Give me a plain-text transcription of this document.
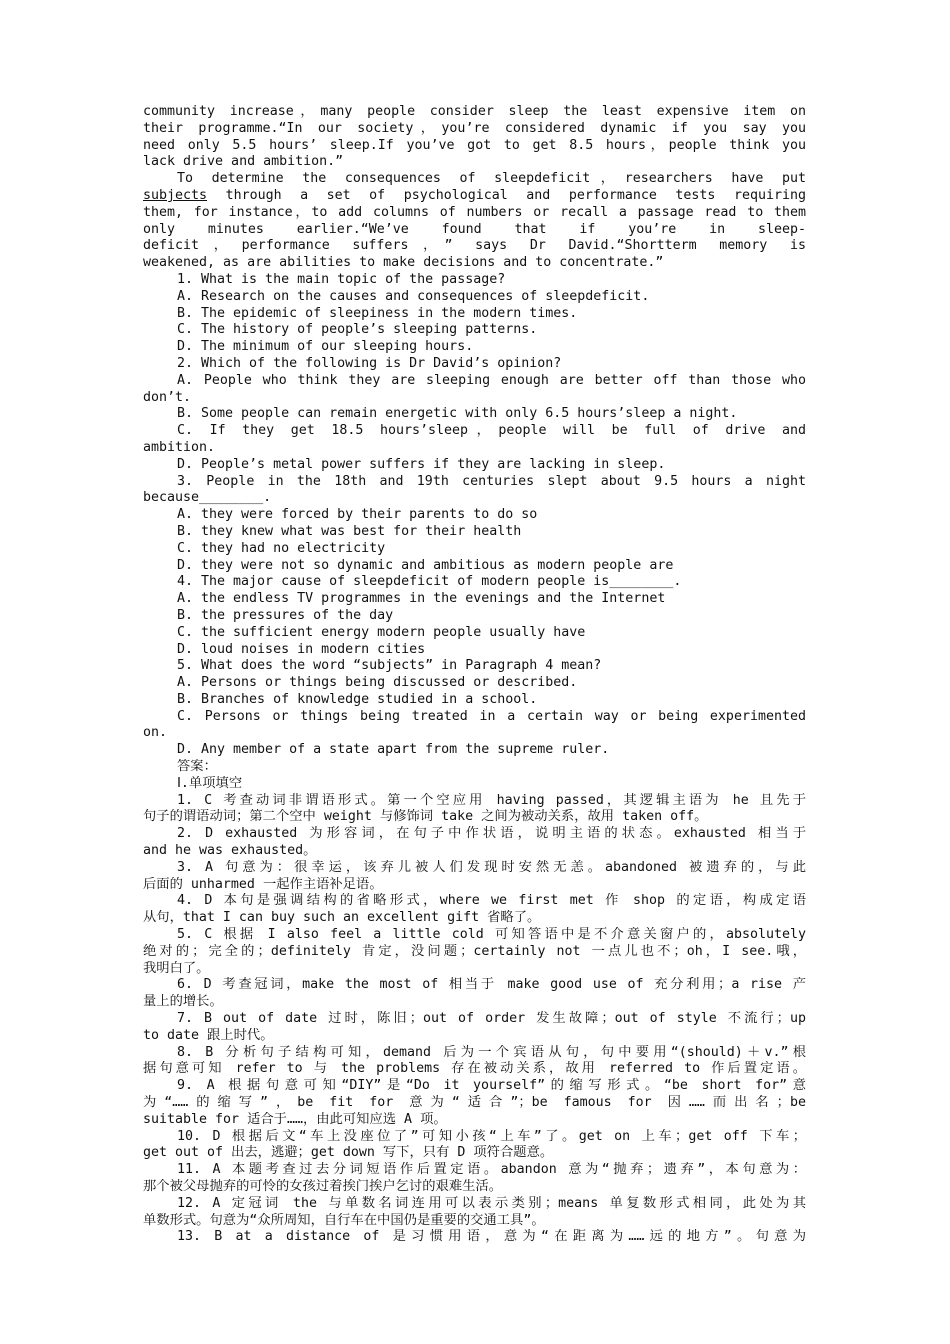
community increase，many people consider sleep the least expensive item on
their programme.“In our society，you’re considered dynamic if you say you
need only 5.5 hours’ sleep.If you’ve got to get 8.5 hours，people think you
lack drive and ambition.”
To determine the consequences of sleepdeficit，researchers have put
subjects through a set of psychological and performance tests requiring
them, for instance，to add columns of numbers or recall a passage read to them
only minutes earlier.“We’ve found that if you’re in sleep-
deficit，performance suffers，” says Dr David.“Shortterm memory is
weakened, as are abilities to make decisions and to concentrate.”
1. What is the main topic of the passage?
A. Research on the causes and consequences of sleepdeficit.
B. The epidemic of sleepiness in the modern times.
C. The history of people’s sleeping patterns.
D. The minimum of our sleeping hours.
2. Which of the following is Dr David’s opinion?
A. People who think they are sleeping enough are better off than those who
don’t.
B. Some people can remain energetic with only 6.5 hours’sleep a night.
C. If they get 18.5 hours’sleep，people will be full of drive and
ambition.
D. People’s metal power suffers if they are lacking in sleep.
3. People in the 18th and 19th centuries slept about 9.5 hours a night
because________.
A. they were forced by their parents to do so
B. they knew what was best for their health
C. they had no electricity
D. they were not so dynamic and ambitious as modern people are
4. The major cause of sleepdeficit of modern people is________.
A. the endless TV programmes in the evenings and the Internet
B. the pressures of the day
C. the sufficient energy modern people usually have
D. loud noises in modern cities
5. What does the word “subjects” in Paragraph 4 mean?
A. Persons or things being discussed or described.
B. Branches of knowledge studied in a school.
C. Persons or things being treated in a certain way or being experimented
on.
D. Any member of a state apart from the supreme ruler.
答案：
Ⅰ.单项填空
1. C 考查动词非谓语形式。第一个空应用 having passed，其逻辑主语为 he 且先于
句子的谓语动词；第二个空中 weight 与修饰词 take 之间为被动关系，故用 taken off。
2. D exhausted 为形容词，在句子中作状语，说明主语的状态。exhausted 相当于
and he was exhausted。
3. A 句意为：很幸运，该弃儿被人们发现时安然无恙。abandoned 被遗弃的，与此
后面的 unharmed 一起作主语补足语。
4. D 本句是强调结构的省略形式，where we first met 作 shop 的定语，构成定语
从句，that I can buy such an excellent gift 省略了。
5. C 根据 I also feel a little cold 可知答语中是不介意关窗户的，absolutely
绝对的；完全的；definitely 肯定，没问题；certainly not 一点儿也不；oh，I see.哦，
我明白了。
6. D 考查冠词，make the most of 相当于 make good use of 充分利用；a rise 产
量上的增长。
7. B out of date 过时，陈旧；out of order 发生故障；out of style 不流行；up
to date 跟上时代。
8. B 分析句子结构可知，demand 后为一个宾语从句，句中要用“(should)＋v.”根
据句意可知 refer to 与 the problems 存在被动关系，故用 referred to 作后置定语。
9. A 根据句意可知“DIY”是“Do it yourself”的缩写形式。“be short for”意
为“……的缩写”，be fit for 意为“适合”；be famous for 因……而出名；be
suitable for 适合于……，由此可知应选 A 项。
10. D 根据后文“车上没座位了”可知小孩“上车”了。get on 上车；get off 下车；
get out of 出去，逃避；get down 写下，只有 D 项符合题意。
11. A 本题考查过去分词短语作后置定语。abandon 意为“抛弃；遗弃”，本句意为：
那个被父母抛弃的可怜的女孩过着挨门挨户乞讨的艰难生活。
12. A 定冠词 the 与单数名词连用可以表示类别；means 单复数形式相同，此处为其
单数形式。句意为“众所周知，自行车在中国仍是重要的交通工具”。
13. B at a distance of 是习惯用语，意为“在距离为……远的地方”。句意为
